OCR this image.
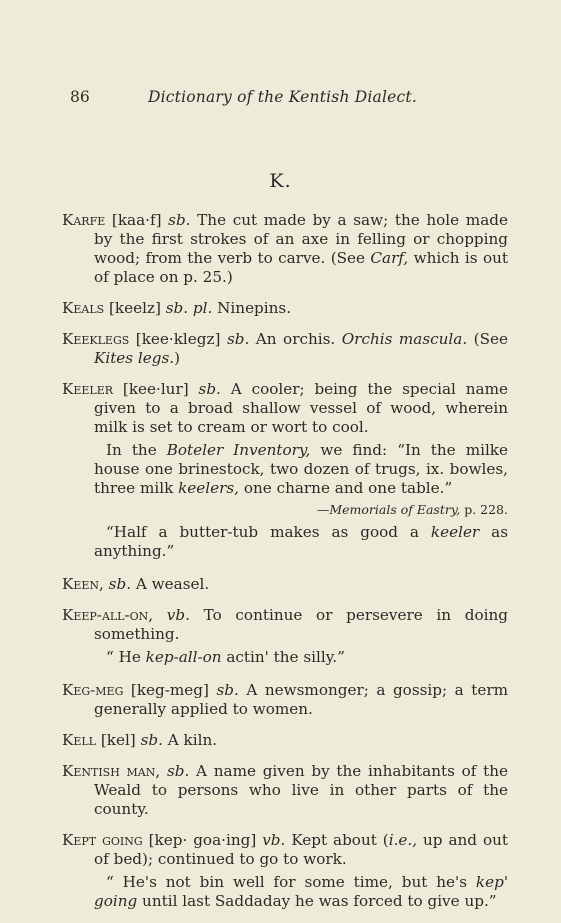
86	Dictionary of the Kentish Dialect.
K.

Karfe [kaa·f] sb. The cut made by a saw; the hole made by the first strokes of an axe in felling or chopping wood; from the verb to carve. (See Carf, which is out of place on p. 25.)

Keals [keelz] sb. pl. Ninepins.

Keeklegs [kee·klegz] sb. An orchis. Orchis mascula. (See Kites legs.)

Keeler [kee·lur] sb. A cooler; being the special name given to a broad shallow vessel of wood, wherein milk is set to cream or wort to cool.

In the Boteler Inventory, we find: “In the milke house one brinestock, two dozen of trugs, ix. bowles, three milk keelers, one charne and one table.”

—Memorials of Eastry, p. 228.

“Half a butter-tub makes as good a keeler as anything.”

Keen, sb. A weasel.

Keep-all-on, vb. To continue or persevere in doing something.

“ He kep-all-on actin' the silly.”

Keg-meg [keg-meg] sb. A newsmonger; a gossip; a term generally applied to women.

Kell [kel] sb. A kiln.

Kentish man, sb. A name given by the inhabitants of the Weald to persons who live in other parts of the county.

Kept going [kep· goa·ing] vb. Kept about (i.e., up and out of bed); continued to go to work.

“ He's not bin well for some time, but he's kep' going until last Saddaday he was forced to give up.”
